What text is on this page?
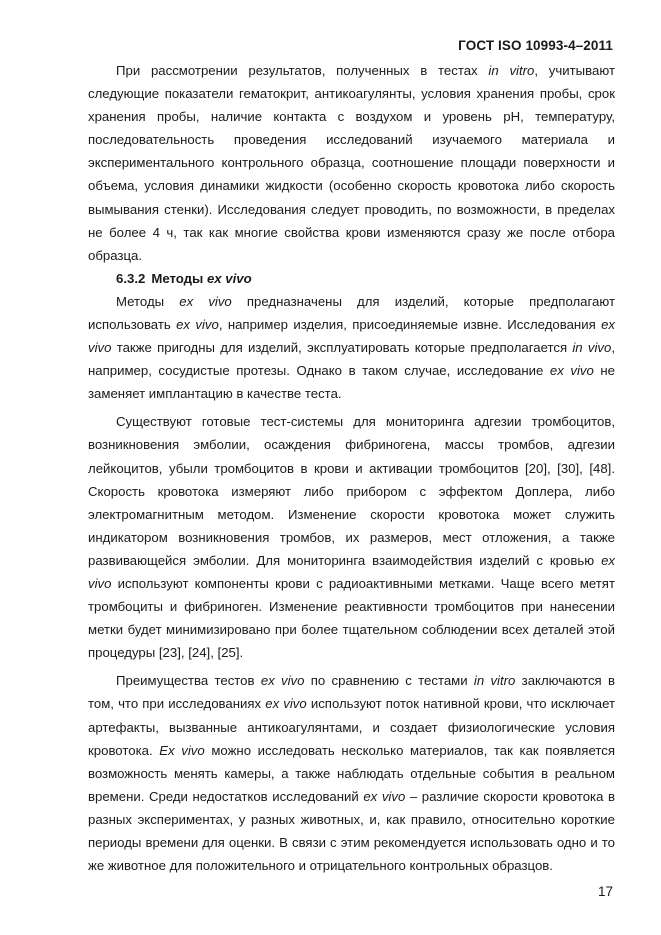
ГОСТ ISO 10993-4–2011

При рассмотрении результатов, полученных в тестах in vitro, учитывают следующие показатели гематокрит, антикоагулянты, условия хранения пробы, срок хранения пробы, наличие контакта с воздухом и уровень pH, температуру, последовательность проведения исследований изучаемого материала и экспериментального контрольного образца, соотношение площади поверхности и объема, условия динамики жидкости (особенно скорость кровотока либо скорость вымывания стенки). Исследования следует проводить, по возможности, в пределах не более 4 ч, так как многие свойства крови изменяются сразу же после отбора образца.

6.3.2 Методы ex vivo

Методы ex vivo предназначены для изделий, которые предполагают использовать ex vivo, например изделия, присоединяемые извне. Исследования ex vivo также пригодны для изделий, эксплуатировать которые предполагается in vivo, например, сосудистые протезы. Однако в таком случае, исследование ex vivo не заменяет имплантацию в качестве теста.

Существуют готовые тест-системы для мониторинга адгезии тромбоцитов, возникновения эмболии, осаждения фибриногена, массы тромбов, адгезии лейкоцитов, убыли тромбоцитов в крови и активации тромбоцитов [20], [30], [48]. Скорость кровотока измеряют либо прибором с эффектом Доплера, либо электромагнитным методом. Изменение скорости кровотока может служить индикатором возникновения тромбов, их размеров, мест отложения, а также развивающейся эмболии. Для мониторинга взаимодействия изделий с кровью ex vivo используют компоненты крови с радиоактивными метками. Чаще всего метят тромбоциты и фибриноген. Изменение реактивности тромбоцитов при нанесении метки будет минимизировано при более тщательном соблюдении всех деталей этой процедуры [23], [24], [25].

Преимущества тестов ex vivo по сравнению с тестами in vitro заключаются в том, что при исследованиях ex vivo используют поток нативной крови, что исключает артефакты, вызванные антикоагулянтами, и создает физиологические условия кровотока. Ex vivo можно исследовать несколько материалов, так как появляется возможность менять камеры, а также наблюдать отдельные события в реальном времени. Среди недостатков исследований ex vivo – различие скорости кровотока в разных экспериментах, у разных животных, и, как правило, относительно короткие периоды времени для оценки. В связи с этим рекомендуется использовать одно и то же животное для положительного и отрицательного контрольных образцов.

17
